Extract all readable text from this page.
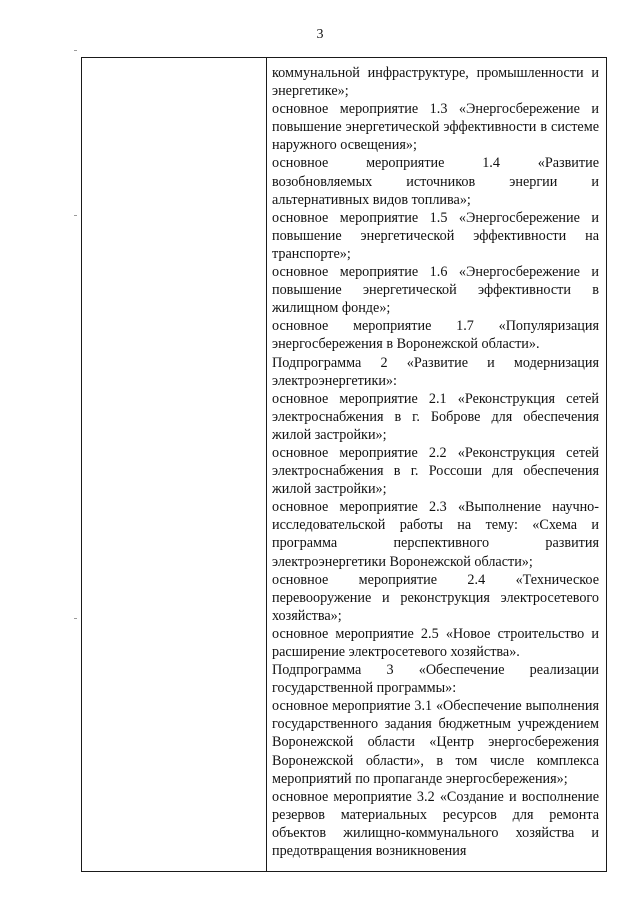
3

коммунальной инфраструктуре, промышленности и энергетике»;

основное мероприятие 1.3 «Энергосбережение и повышение энергетической эффективности в системе наружного освещения»;

основное мероприятие 1.4 «Развитие возобновляемых источников энергии и альтернативных видов топлива»;

основное мероприятие 1.5 «Энергосбережение и повышение энергетической эффективности на транспорте»;

основное мероприятие 1.6 «Энергосбережение и повышение энергетической эффективности в жилищном фонде»;

основное мероприятие 1.7 «Популяризация энергосбережения в Воронежской области».

Подпрограмма 2 «Развитие и модернизация электроэнергетики»:

основное мероприятие 2.1 «Реконструкция сетей электроснабжения в г. Боброве для обеспечения жилой застройки»;

основное мероприятие 2.2 «Реконструкция сетей электроснабжения в г. Россоши для обеспечения жилой застройки»;

основное мероприятие 2.3 «Выполнение научно-исследовательской работы на тему: «Схема и программа перспективного развития электроэнергетики Воронежской области»;

основное мероприятие 2.4 «Техническое перевооружение и реконструкция электросетевого хозяйства»;

основное мероприятие 2.5 «Новое строительство и расширение электросетевого хозяйства».

Подпрограмма 3 «Обеспечение реализации государственной программы»:

основное мероприятие 3.1 «Обеспечение выполнения государственного задания бюджетным учреждением Воронежской области «Центр энергосбережения Воронежской области», в том числе комплекса мероприятий по пропаганде энергосбережения»;

основное мероприятие 3.2 «Создание и восполнение резервов материальных ресурсов для ремонта объектов жилищно-коммунального хозяйства и предотвращения возникновения
